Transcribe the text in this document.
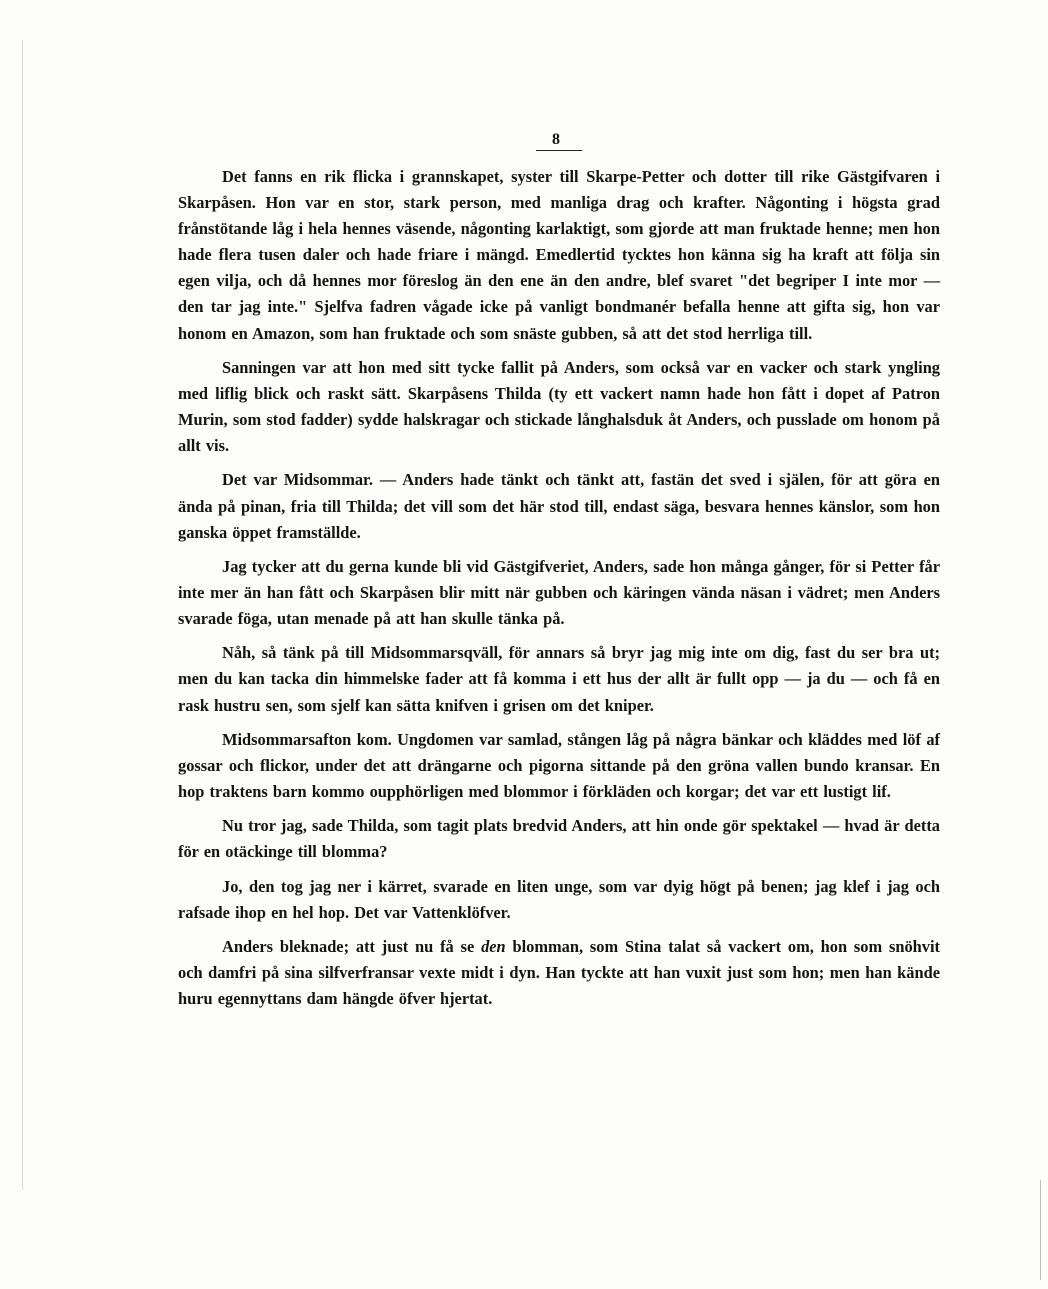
8

Det fanns en rik flicka i grannskapet, syster till Skarpe-Petter och dotter till rike Gästgifvaren i Skarpåsen. Hon var en stor, stark person, med manliga drag och krafter. Någonting i högsta grad frånstötande låg i hela hennes väsende, någonting karlaktigt, som gjorde att man fruktade henne; men hon hade flera tusen daler och hade friare i mängd. Emedlertid tycktes hon känna sig ha kraft att följa sin egen vilja, och då hennes mor föreslog än den ene än den andre, blef svaret "det begriper I inte mor — den tar jag inte." Sjelfva fadren vågade icke på vanligt bondmanér befalla henne att gifta sig, hon var honom en Amazon, som han fruktade och som snäste gubben, så att det stod herrliga till.

Sanningen var att hon med sitt tycke fallit på Anders, som också var en vacker och stark yngling med liflig blick och raskt sätt. Skarpåsens Thilda (ty ett vackert namn hade hon fått i dopet af Patron Murin, som stod fadder) sydde halskragar och stickade långhalsduk åt Anders, och pusslade om honom på allt vis.

Det var Midsommar. — Anders hade tänkt och tänkt att, fastän det sved i själen, för att göra en ända på pinan, fria till Thilda; det vill som det här stod till, endast säga, besvara hennes känslor, som hon ganska öppet framställde.

Jag tycker att du gerna kunde bli vid Gästgifveriet, Anders, sade hon många gånger, för si Petter får inte mer än han fått och Skarpåsen blir mitt när gubben och käringen vända näsan i vädret; men Anders svarade föga, utan menade på att han skulle tänka på.

Nåh, så tänk på till Midsommarsqväll, för annars så bryr jag mig inte om dig, fast du ser bra ut; men du kan tacka din himmelske fader att få komma i ett hus der allt är fullt opp — ja du — och få en rask hustru sen, som sjelf kan sätta knifven i grisen om det kniper.

Midsommarsafton kom. Ungdomen var samlad, stången låg på några bänkar och kläddes med löf af gossar och flickor, under det att drängarne och pigorna sittande på den gröna vallen bundo kransar. En hop traktens barn kommo oupphörligen med blommor i förkläden och korgar; det var ett lustigt lif.

Nu tror jag, sade Thilda, som tagit plats bredvid Anders, att hin onde gör spektakel — hvad är detta för en otäckinge till blomma?

Jo, den tog jag ner i kärret, svarade en liten unge, som var dyig högt på benen; jag klef i jag och rafsade ihop en hel hop. Det var Vattenklöfver.

Anders bleknade; att just nu få se den blomman, som Stina talat så vackert om, hon som snöhvit och damfri på sina silfverfransar vexte midt i dyn. Han tyckte att han vuxit just som hon; men han kände huru egennyttans dam hängde öfver hjertat.
